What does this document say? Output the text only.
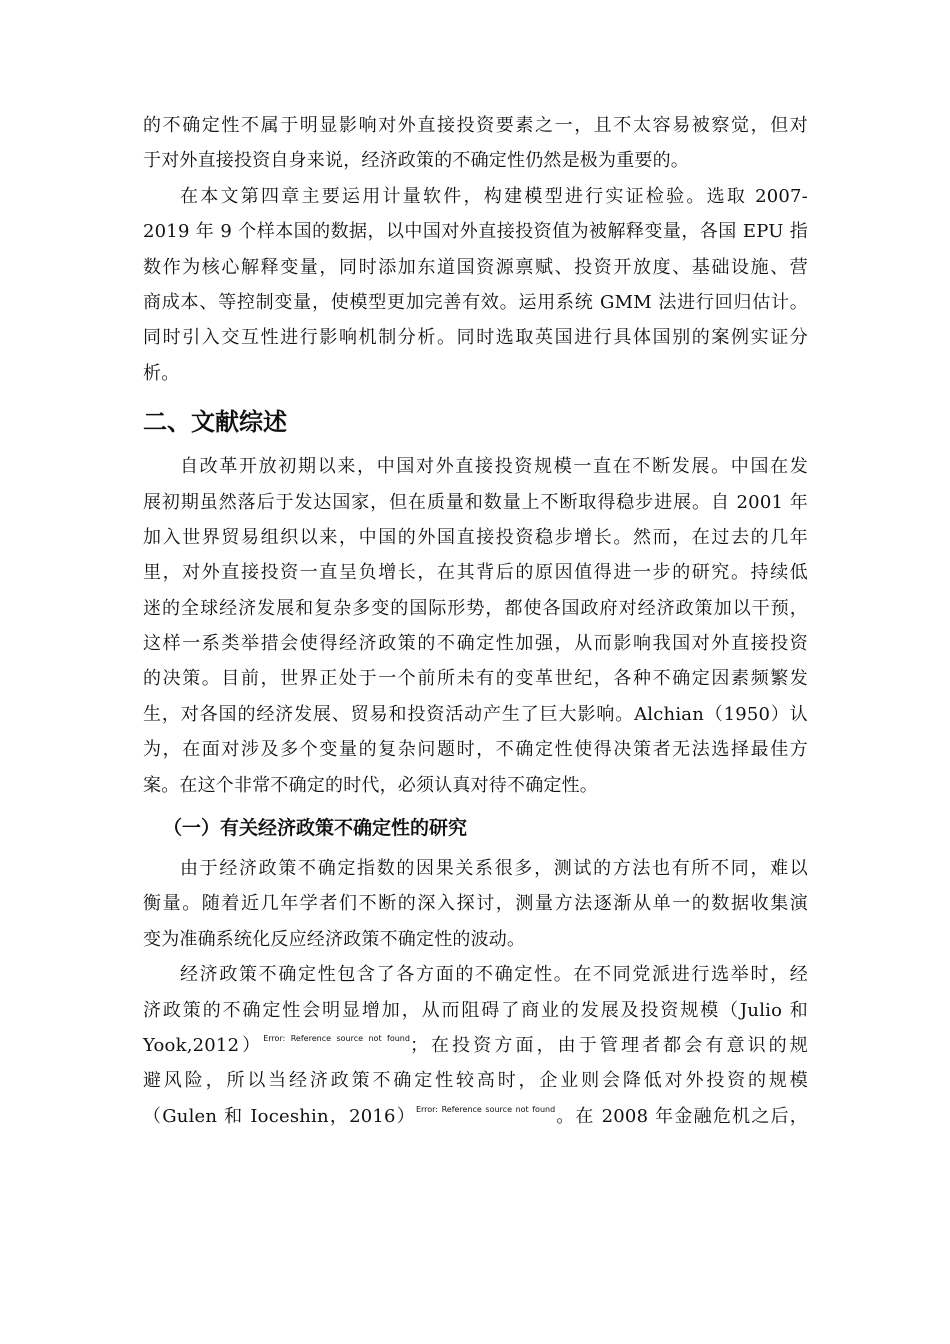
的不确定性不属于明显影响对外直接投资要素之一，且不太容易被察觉，但对
于对外直接投资自身来说，经济政策的不确定性仍然是极为重要的。
在本文第四章主要运用计量软件，构建模型进行实证检验。选取 2007-
2019 年 9 个样本国的数据，以中国对外直接投资值为被解释变量，各国 EPU 指
数作为核心解释变量，同时添加东道国资源禀赋、投资开放度、基础设施、营
商成本、等控制变量，使模型更加完善有效。运用系统 GMM 法进行回归估计。
同时引入交互性进行影响机制分析。同时选取英国进行具体国别的案例实证分
析。
二、文献综述
自改革开放初期以来，中国对外直接投资规模一直在不断发展。中国在发
展初期虽然落后于发达国家，但在质量和数量上不断取得稳步进展。自 2001 年
加入世界贸易组织以来，中国的外国直接投资稳步增长。然而，在过去的几年
里，对外直接投资一直呈负增长，在其背后的原因值得进一步的研究。持续低
迷的全球经济发展和复杂多变的国际形势，都使各国政府对经济政策加以干预，
这样一系类举措会使得经济政策的不确定性加强，从而影响我国对外直接投资
的决策。目前，世界正处于一个前所未有的变革世纪，各种不确定因素频繁发
生，对各国的经济发展、贸易和投资活动产生了巨大影响。Alchian（1950）认
为，在面对涉及多个变量的复杂问题时，不确定性使得决策者无法选择最佳方
案。在这个非常不确定的时代，必须认真对待不确定性。
（一）有关经济政策不确定性的研究
由于经济政策不确定指数的因果关系很多，测试的方法也有所不同，难以
衡量。随着近几年学者们不断的深入探讨，测量方法逐渐从单一的数据收集演
变为准确系统化反应经济政策不确定性的波动。
经济政策不确定性包含了各方面的不确定性。在不同党派进行选举时，经
济政策的不确定性会明显增加，从而阻碍了商业的发展及投资规模（Julio 和
Yook,2012）$^{Error: Reference source not found}$；在投资方面，由于管理者都会有意识的规
避风险，所以当经济政策不确定性较高时，企业则会降低对外投资的规模
（Gulen 和 Ioceshin，2016）$^{Error: Reference source not found}$。在 2008 年金融危机之后，
